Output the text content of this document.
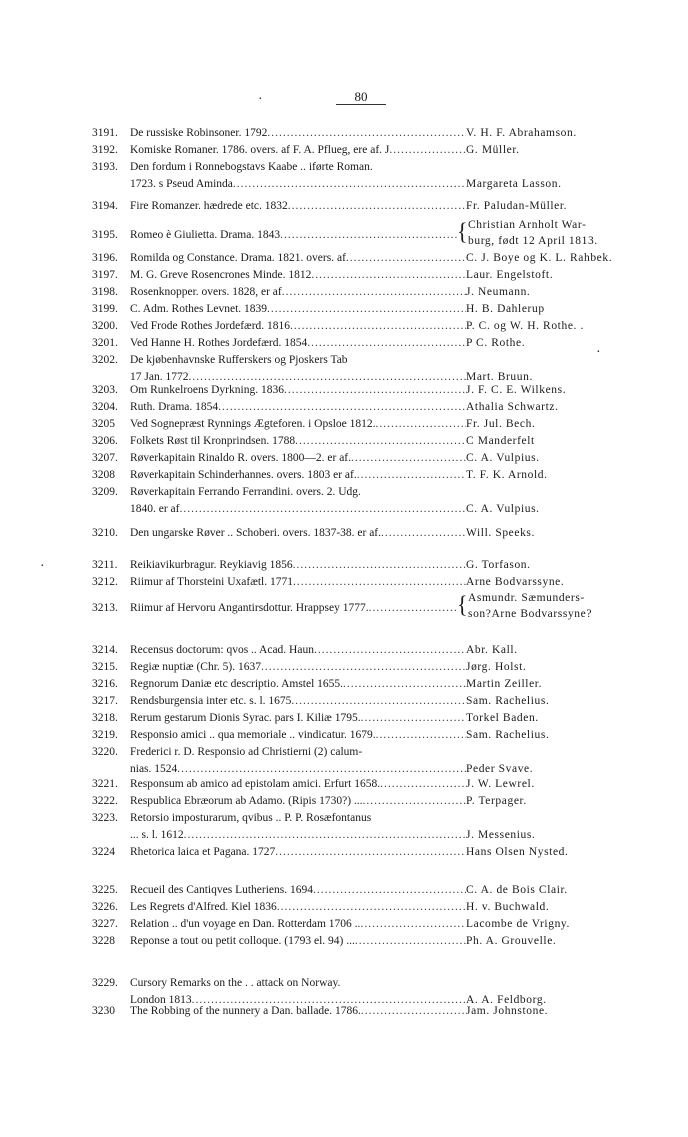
80
·
·
·
3191. De russiske Robinsoner. 1792 .....	V. H. F. Abrahamson.
3192. Komiske Romaner. 1786. overs. af F. A. Pflueg, ere af. J .....	G. Müller.
3193. Den fordum i Ronnebogstavs Kaabe .. iførte Roman.
1723. s Pseud Aminda .....	Margareta Lasson.
3194. Fire Romanzer. hædrede etc. 1832 .....	Fr. Paludan-Müller.
3195. Romeo è Giulietta. Drama. 1843 .....	{ Christian Arnholt War-
burg, født 12 April 1813.
3196. Romilda og Constance. Drama. 1821. overs. af .....	C. J. Boye og K. L. Rahbek.
3197. M. G. Greve Rosencrones Minde. 1812 .....	Laur. Engelstoft.
3198. Rosenknopper. overs. 1828, er af .....	J. Neumann.
3199. C. Adm. Rothes Levnet. 1839 .....	H. B. Dahlerup
3200. Ved Frode Rothes Jordefærd. 1816 .....	P. C. og W. H. Rothe. .
3201. Ved Hanne H. Rothes Jordefærd. 1854 .....	P C. Rothe.
3202. De kjøbenhavnske Rufferskers og Pjoskers Tab
17 Jan. 1772 .....	Mart. Bruun.
3203. Om Runkelroens Dyrkning. 1836 .....	J. F. C. E. Wilkens.
3204. Ruth. Drama. 1854 .....	Athalia Schwartz.
3205 Ved Sognepræst Rynnings Ægteforen. i Opsloe 1812. .....	Fr. Jul. Bech.
3206. Folkets Røst til Kronprindsen. 1788 .....	C Manderfelt
3207. Røverkapitain Rinaldo R. overs. 1800—2. er af. .....	C. A. Vulpius.
3208 Røverkapitain Schinderhannes. overs. 1803 er af. .....	T. F. K. Arnold.
3209. Røverkapitain Ferrando Ferrandini. overs. 2. Udg.
1840. er af .....	C. A. Vulpius.
3210. Den ungarske Røver .. Schoberi. overs. 1837-38. er af. .....	Will. Speeks.
3211. Reikiavikurbragur. Reykiavig 1856 .....	G. Torfason.
3212. Riimur af Thorsteini Uxafætl. 1771 .....	Arne Bodvarssyne.
3213. Riimur af Hervoru Angantirsdottur. Hrappsey 1777. .....	{ Asmundr. Sæmunders-
son?Arne Bodvarssyne?
3214. Recensus doctorum: qvos .. Acad. Haun .....	Abr. Kall.
3215. Regiæ nuptiæ (Chr. 5). 1637 .....	Jørg. Holst.
3216. Regnorum Daniæ etc descriptio. Amstel 1655. .....	Martin Zeiller.
3217. Rendsburgensia inter etc. s. l. 1675 .....	Sam. Rachelius.
3218. Rerum gestarum Dionis Syrac. pars I. Kiliæ 1795. .....	Torkel Baden.
3219. Responsio amici .. qua memoriale .. vindicatur. 1679. .....	Sam. Rachelius.
3220. Frederici r. D. Responsio ad Christierni (2) calum-
nias. 1524 .....	Peder Svave.
3221. Responsum ab amico ad epistolam amici. Erfurt 1658. .....	J. W. Lewrel.
3222. Respublica Ebræorum ab Adamo. (Ripis 1730?) ... .....	P. Terpager.
3223. Retorsio imposturarum, qvibus .. P. P. Rosæfontanus
... s. l. 1612 .....	J. Messenius.
3224 Rhetorica laica et Pagana. 1727 .....	Hans Olsen Nysted.
3225. Recueil des Cantiqves Lutheriens. 1694 .....	C. A. de Bois Clair.
3226. Les Regrets d'Alfred. Kiel 1836 .....	H. v. Buchwald.
3227. Relation .. d'un voyage en Dan. Rotterdam 1706 .. .....	Lacombe de Vrigny.
3228 Reponse a tout ou petit colloque. (1793 el. 94) ... .....	Ph. A. Grouvelle.
3229. Cursory Remarks on the . . attack on Norway.
London 1813 .....	A. A. Feldborg.
3230 The Robbing of the nunnery a Dan. ballade. 1786. .....	Jam. Johnstone.
